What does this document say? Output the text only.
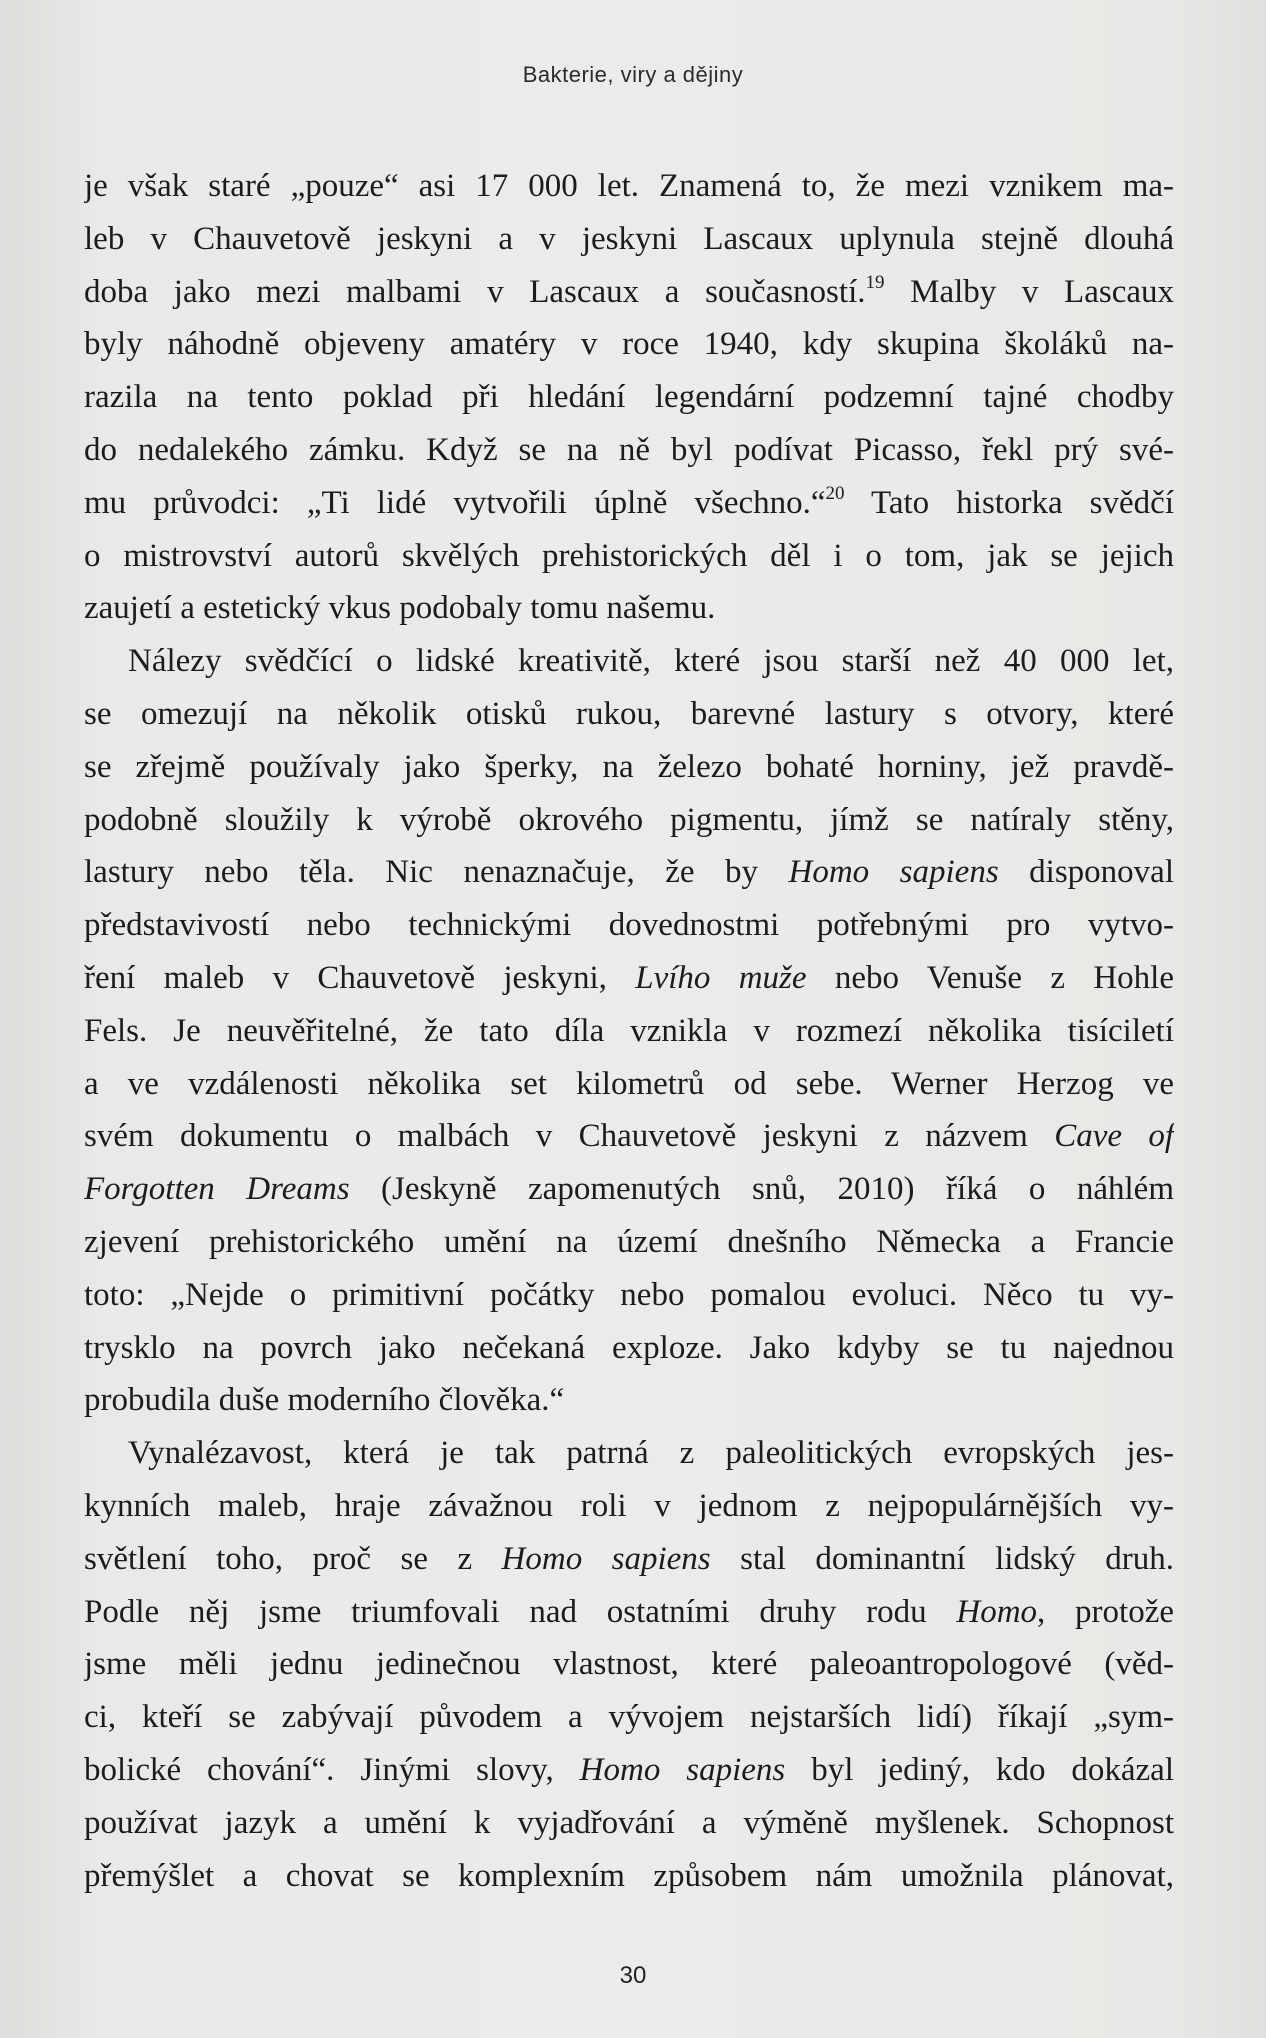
Bakterie, viry a dějiny
je však staré „pouze“ asi 17 000 let. Znamená to, že mezi vznikem ma-
leb v Chauvetově jeskyni a v jeskyni Lascaux uplynula stejně dlouhá
doba jako mezi malbami v Lascaux a současností.$^{19}$ Malby v Lascaux
byly náhodně objeveny amatéry v roce 1940, kdy skupina školáků na-
razila na tento poklad při hledání legendární podzemní tajné chodby
do nedalekého zámku. Když se na ně byl podívat Picasso, řekl prý své-
mu průvodci: „Ti lidé vytvořili úplně všechno.“$^{20}$ Tato historka svědčí
o mistrovství autorů skvělých prehistorických děl i o tom, jak se jejich
zaujetí a estetický vkus podobaly tomu našemu.
Nálezy svědčící o lidské kreativitě, které jsou starší než 40 000 let,
se omezují na několik otisků rukou, barevné lastury s otvory, které
se zřejmě používaly jako šperky, na železo bohaté horniny, jež pravdě-
podobně sloužily k výrobě okrového pigmentu, jímž se natíraly stěny,
lastury nebo těla. Nic nenaznačuje, že by Homo sapiens disponoval
představivostí nebo technickými dovednostmi potřebnými pro vytvo-
ření maleb v Chauvetově jeskyni, Lvího muže nebo Venuše z Hohle
Fels. Je neuvěřitelné, že tato díla vznikla v rozmezí několika tisíciletí
a ve vzdálenosti několika set kilometrů od sebe. Werner Herzog ve
svém dokumentu o malbách v Chauvetově jeskyni z názvem Cave of
Forgotten Dreams (Jeskyně zapomenutých snů, 2010) říká o náhlém
zjevení prehistorického umění na území dnešního Německa a Francie
toto: „Nejde o primitivní počátky nebo pomalou evoluci. Něco tu vy-
trysklo na povrch jako nečekaná exploze. Jako kdyby se tu najednou
probudila duše moderního člověka.“
Vynalézavost, která je tak patrná z paleolitických evropských jes-
kynních maleb, hraje závažnou roli v jednom z nejpopulárnějších vy-
světlení toho, proč se z Homo sapiens stal dominantní lidský druh.
Podle něj jsme triumfovali nad ostatními druhy rodu Homo, protože
jsme měli jednu jedinečnou vlastnost, které paleoantropologové (věd-
ci, kteří se zabývají původem a vývojem nejstarších lidí) říkají „sym-
bolické chování“. Jinými slovy, Homo sapiens byl jediný, kdo dokázal
používat jazyk a umění k vyjadřování a výměně myšlenek. Schopnost
přemýšlet a chovat se komplexním způsobem nám umožnila plánovat,
30
